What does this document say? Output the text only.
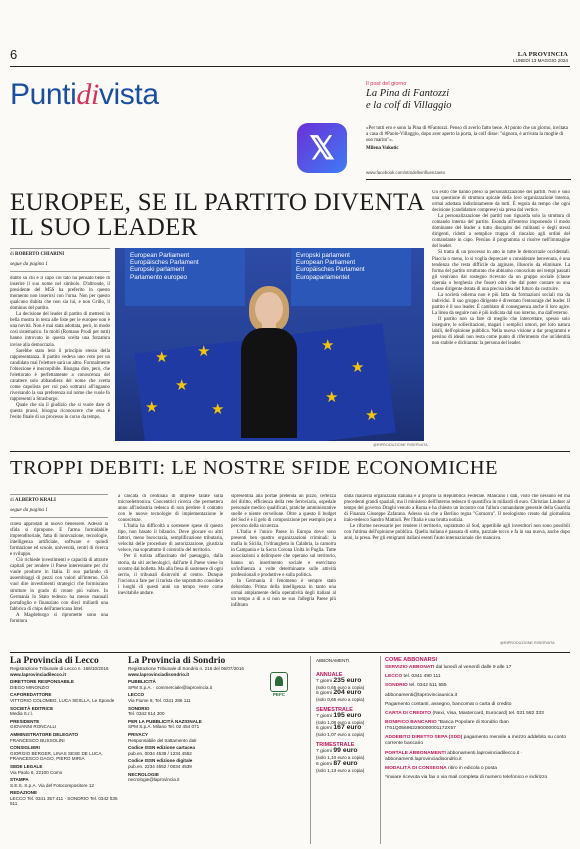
6	LA PROVINCIA
LUNEDÌ 13 MAGGIO 2024
Puntidivista	Il post del giorno
La Pina di Fantozzi
e la colf di Villaggio
𝕏
«Per tutti ero e sono la Pina di #Fantozzi. Penso di averlo fatto bene. Al punto che un giorno, invitata a casa di #Paolo-Villaggio, dopo aver aperto la porta, la colf disse: "signora, è arrivata la moglie di suo marito"».
Milena Vukotic
www.facebook.com/stmdelleinfluenzaeto
EUROPEE, SE IL PARTITO DIVENTA IL SUO LEADER
di ROBERTO CHIARINI
segue da pagina 1

dubbi su chi è il capo col tato ha pensato bene di inserire il suo nome nel simbolo. D'altronde, il presidente del M5S ha preferito in questo momento non inserirsi con l'urna. Non per questo qualcuno dubita che non sia lui, e non Grillo, il dominus del partito.

La decisione del leader di partito di mettersi in bella mostra in testa alle liste per le europee non è una novità. Non è mai stata adottata, però, in modo così sistematico. In molti (Romano Prodi per tutti) hanno introvato in questa scelta una forzatura invise alla democrazia.

Sarebbe stato leso il principio stesso della rappresentanza. Il partito vedeva uno voto per un candidato mai l'elettore sarà un altro. Formalmente l'obiezione è ineccepibile. Bisogna dire, però, che l'elettorato è perfettamente a conoscenza del carattere solo abbandiera del nome che svetta come capolista per cui può sottrarsi all'inganno riversando la sua preferenza sul nome che vuole fo rappresenti a Strasburgo.

Quale che sia il giudizio che si vuole dare di questa prassi, bisogna riconoscere che essa è l'esito finale di un processo in corso da tempo,

European Parliament
Europäisches Parlament
Europski parlament
Parlamento europeo
Evropski parlament
European Parliament
Europäisches Parlament
Europaparlamentet
★ ★
★
★	★
★
★
★
★
@RIPRODUZIONE RISERVATA

Un esito che hanno preso la personalizzazione dei partiti. Non è solo una questione di struttura apicale della loro organizzazione interna, ormai adottata indistintamente da tutti. È regola da tempo che ogni decisione (candidature comprese) sia presa dal vertice.

La personalizzazione dei partiti non riguarda solo la struttura di comando interna del partito. Esonda all'esterno imponendo il modo dominante del leader a tutto discapito dei militanti e degli stessi dirigenti, ridotti a semplice truppa di rincalzo agli ordini del comandante in capo. Persino il programma si risolve nell'immagine del leader.

Si tratta di un processo in atto in tutte le democrazie occidentali. Piaccia o meno, lo si voglia deprecare o considerare benvenuta, è una tendenza che resta difficile da arginare, illusorio da eliminare. La forma del partito strutturato che abbiamo conosciuto nei tempi passati gli venivano dal sostegno ricevuto da un gruppo sociale (classe operaia o borghesia che fosse) oltre che dal poter contare su una classe dirigente dotata di una precisa idea del futuro da costruire.

La società odierna non è più fatta da formazioni sociali ma da individui. Il suo gruppo dirigente è diventato l'entourage del leader. Il partito è il suo leader. È cambiato di conseguenza anche il loro agire. La linea da seguire non è più indicata dal suo interno, ma dall'esterno.

Il partito non sa fare di meglio che intercettare, spesso solo inseguire, le sollecitazioni, magari i semplici umori, per loro natura labili, dell'opinione pubblica. Nella nuova visione a dar programmi e persino di ideali non resta come punto di riferimento che un'identità non stabile e dichiarata: la persona del leader.

TROPPI DEBITI: LE NOSTRE SFIDE ECONOMICHE
di ALBERTO KRALI
segue da pagina 1

cinesi approdati al nuovo benessere. Adesso la sfida si ripropone. E l'arma formidabile imprenditoriale, fatta di innovazione, tecnologie, intelligenza artificiale, software e quindi formazione ed scuole, università, centri di ricerca e sviluppo.

Ciò richiede investimenti e capacità di attrarre capitali per rendere il Paese interessante per chi vuole produrre in Italia. Il suo parlando di assemblaggi di pezzi con valori all'interno. Ciò vuol dire investimenti strategici che formiscano strutture in grado di creare più valore. In Germania lo Stato tedesco ha messo manuali portafoglio e finanziato con dieci miliardi una fabbrica di chips dell'americana Intel.

A Magdeburgo si ripromette sono una fornitura

a cascata di centinaia di imprese tarate sulla microelettronica. Concentrici ricerca che permettera anno all'industria tedesca di non perdere il contatto con le nuove tecnologie di implementazione le conoscenze.

L'Italia ha difficoltà a sostenere spese di questo tipo, non basato il bilancio. Deve giocare su altri fattori, meno burocrazia, semplificazione tributaria, velocità delle procedure di autorizzazione, giustizia veloce, ma soprattutto il controllo del territorio.

Per il turista affascinato del paesaggio, dalla storia, da siti archeologici, dall'arte il Paese viene in scontro dal bolletta. Ma alla fresa di sostenere di ogni serrio, il tribunali disinvolti al centro. Dunque l'inciona a fare per il turista che soprattutto considera i luoghi di questi anni un tempo veste come inevitabile andare.

sipresentila alla portae pretenda un pizzo, certezza del diritto, efficienza della rete ferroviaria, ospedale personale medico qualificati, pratiche amministrative snelle e niente cervellone. Oltre a questo il budget del Sud è e il gelo di composizione per esempio per a percorso della sicurezza.

L'Italia è l'unico Paese in Europa dove sono presenti ben quattro organizzazioni criminali: la mafia in Sicilia, l'n'drangheta in Calabria, la camorra in Campania e la Sacra Corona Unita in Puglia. Tutte associazioni a delinquere che operano sul territorio, hanno un inserimento sociale e esercitano un'influenza a volte determinante sulle attività professionali e produttive e sulla politica.

In Germania il fenomeno è sempre stato debordato. Prima della intelligenza in tanto una ormai ampiamente della operatività degli italiani al un tempo a di a si non ne suo l'allegria Paese più infiltrato

dalla malavita organizzata italiana e a proprio la Repubblica Federale. Mancano i dati, visto che nessuno ed ma precedenti grandi spaziali, ma il ministero dell'Interno tedesco ti quantifica in miliardi di euro. Christian Lindner al tempo del governo Draghi venuto a Roma e ha chiesto un incontro con l'allora comandante generale della Guardia di Finanza Giuseppe Zafarana. Adesso sia che a Berlino regna "Gomorra". Il neologismo creato dal giornalista italo-tedesco Sandro Mattioli. Per l'Italia è una brutta notizia.

Le riforme necessarie per rendere il territorio, soprattutto al Sud, appetibile agli investitori non sono possibili con l'ultima dell'opinione pubblica. Quella italiana è passata di sotto, parziale tocco e fa in sua nuova, anche dopo anni, la presa. Per gli emigranti italiani esenti l'auto internazionale che mancava.

@RIPRODUZIONE RISERVATA
La Provincia di Lecco
Registrazione Tribunale di Lecco n. 166/10/2016
www.laprovinciadilecco.it
DIRETTORE RESPONSABILE
DIEGO MINONZIO
CAPOREDATTORE
VITTORIO COLOMBO, LUCA SESLLA, Le Sponde
SOCIETÀ EDITRICE
Media S.r.l.
PRESIDENTE
GIOVANNI RONCALLI
AMMINISTRATORE DELEGATO
FRANCESCO BUSSOLINI
CONSIGLIERI
GIORGIO BERGER, LINAS SESE DE LUCA, FRANCESCO DAGO, PIERO MIRIA
SEDE LEGALE
Via Paolo 6, 22100 Como
STAMPA
S.E.S. S.p.A. Via del Fotocompositore 12
REDAZIONE
LECCO Tel. 0341 357 411 · SONDRIO Tel. 0342 535 511
La Provincia di Sondrio
Registrazione Tribunale di Sondrio n. 216 del 06/07/2016
www.laprovinciadisondrio.it
PUBBLICITÀ
SPM S.p.A. · commerciale@laprovincia.it
LECCO
Via Fiume 8, Tel. 0341 286 111
SONDRIO
Tel. 0342 514 300
PER LA PUBBLICITÀ NAZIONALE
SPM S.p.A. Milano Tel. 02 454 071
PRIVACY
Responsabile del trattamento dati
Codice ISSN edizione cartacea
pub.en. 0034 4539 / 1234 4552
Codice ISSN edizione digitale
pub.en. 2234 4552 / 0034 4539
NECROLOGIE
necrologie@laprovincia.it
PEFC
ABBONAMENTI
ANNUALE
7 giorni 235 euro
(solo 0,65 euro a copia)
6 giorni 204 euro
(solo 0,65 euro a copia)
SEMESTRALE
7 giorni 195 euro
(solo 1,08 euro a copia)
6 giorni 167 euro
(solo 1,07 euro a copia)
TRIMESTRALE
7 giorni 99 euro
(solo 1,10 euro a copia)
6 giorni 87 euro
(solo 1,13 euro a copia)
COME ABBONARSI
SERVIZIO ABBONATI dal lunedì al venerdì dalle 9 alle 17
LECCO tel. 0341 490 111
SONDRIO tel. 0342 511 555
abbonamenti@laprovinciaunica.it
Pagamento contanti, assegno, bancomat o carta di credito
CARTA DI CREDITO (Nexi, Visa, Mastercard, Eurocard) tel. 031 582 333
BONIFICO BANCARIO "Banca Popolare di Sondrio Iban IT61Q056962290000001172X57
ADDEBITO DIRETTO SEPA (SDD) pagamento mensile a mezzo addebito su conto corrente bancario
PORTALE ABBONAMENTI abbonamenti.laprovinciadilecco.it · abbonamenti.laprovinciadisondrio.it
MODALITÀ DI CONSEGNA ritiro in edicola o posta
*inviare ricevuta via fax o via mail completa di numero telefonico e indirizzo
